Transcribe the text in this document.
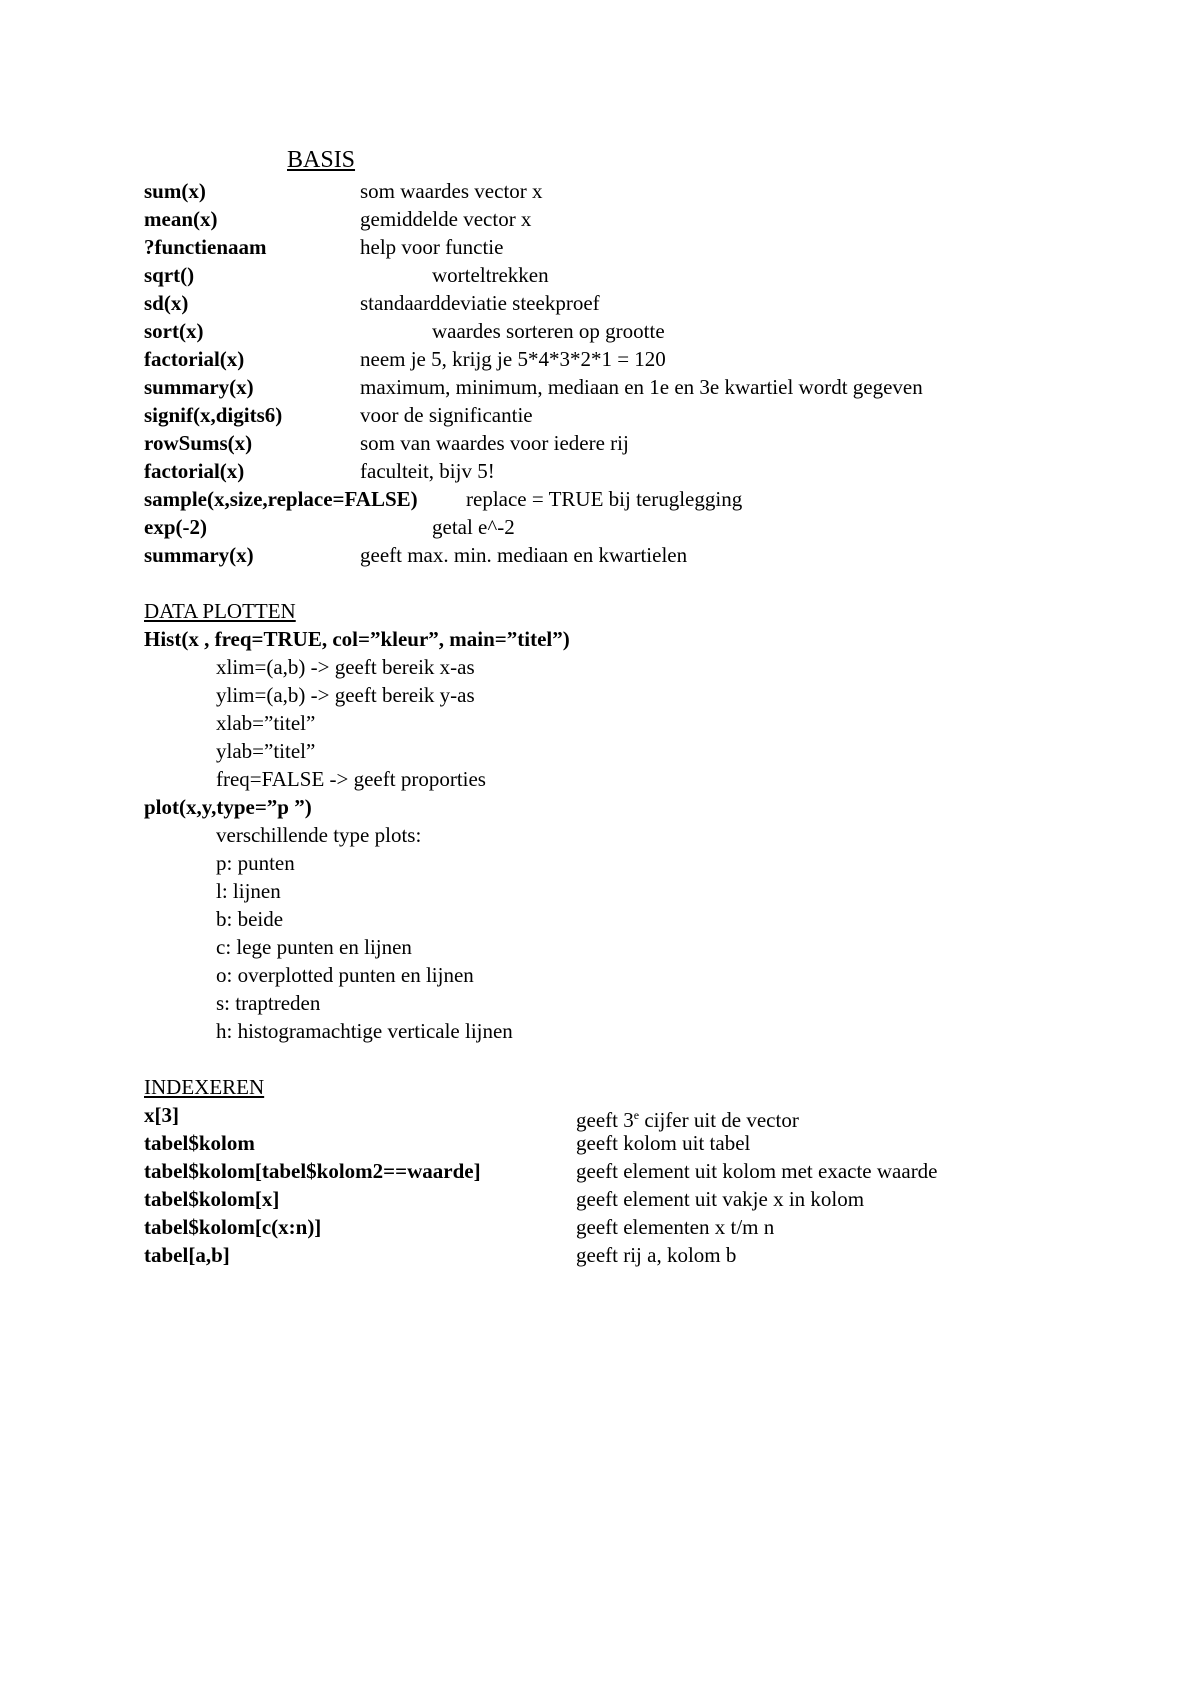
BASIS
sum(x)	som waardes vector x
mean(x)	gemiddelde vector x
?functienaam	help voor functie
sqrt()	worteltrekken
sd(x)	standaarddeviatie steekproef
sort(x)	waardes sorteren op grootte
factorial(x)	neem je 5, krijg je 5*4*3*2*1 = 120
summary(x)	maximum, minimum, mediaan en 1e en 3e kwartiel wordt gegeven
signif(x,digits6)	voor de significantie
rowSums(x)	som van waardes voor iedere rij
factorial(x)	faculteit, bijv 5!
sample(x,size,replace=FALSE) replace = TRUE bij teruglegging
exp(-2)	getal e^-2
summary(x)	geeft max. min. mediaan en kwartielen
DATA PLOTTEN
Hist(x , freq=TRUE, col=”kleur”, main=”titel”)
xlim=(a,b) -> geeft bereik x-as
ylim=(a,b) -> geeft bereik y-as
xlab=”titel”
ylab=”titel”
freq=FALSE -> geeft proporties
plot(x,y,type=”p ”)
verschillende type plots:
p: punten
l: lijnen
b: beide
c: lege punten en lijnen
o: overplotted punten en lijnen
s: traptreden
h: histogramachtige verticale lijnen
INDEXEREN
x[3]	geeft 3e cijfer uit de vector
tabel$kolom	geeft kolom uit tabel
tabel$kolom[tabel$kolom2==waarde]	geeft element uit kolom met exacte waarde
tabel$kolom[x]	geeft element uit vakje x in kolom
tabel$kolom[c(x:n)]	geeft elementen x t/m n
tabel[a,b]	geeft rij a, kolom b
